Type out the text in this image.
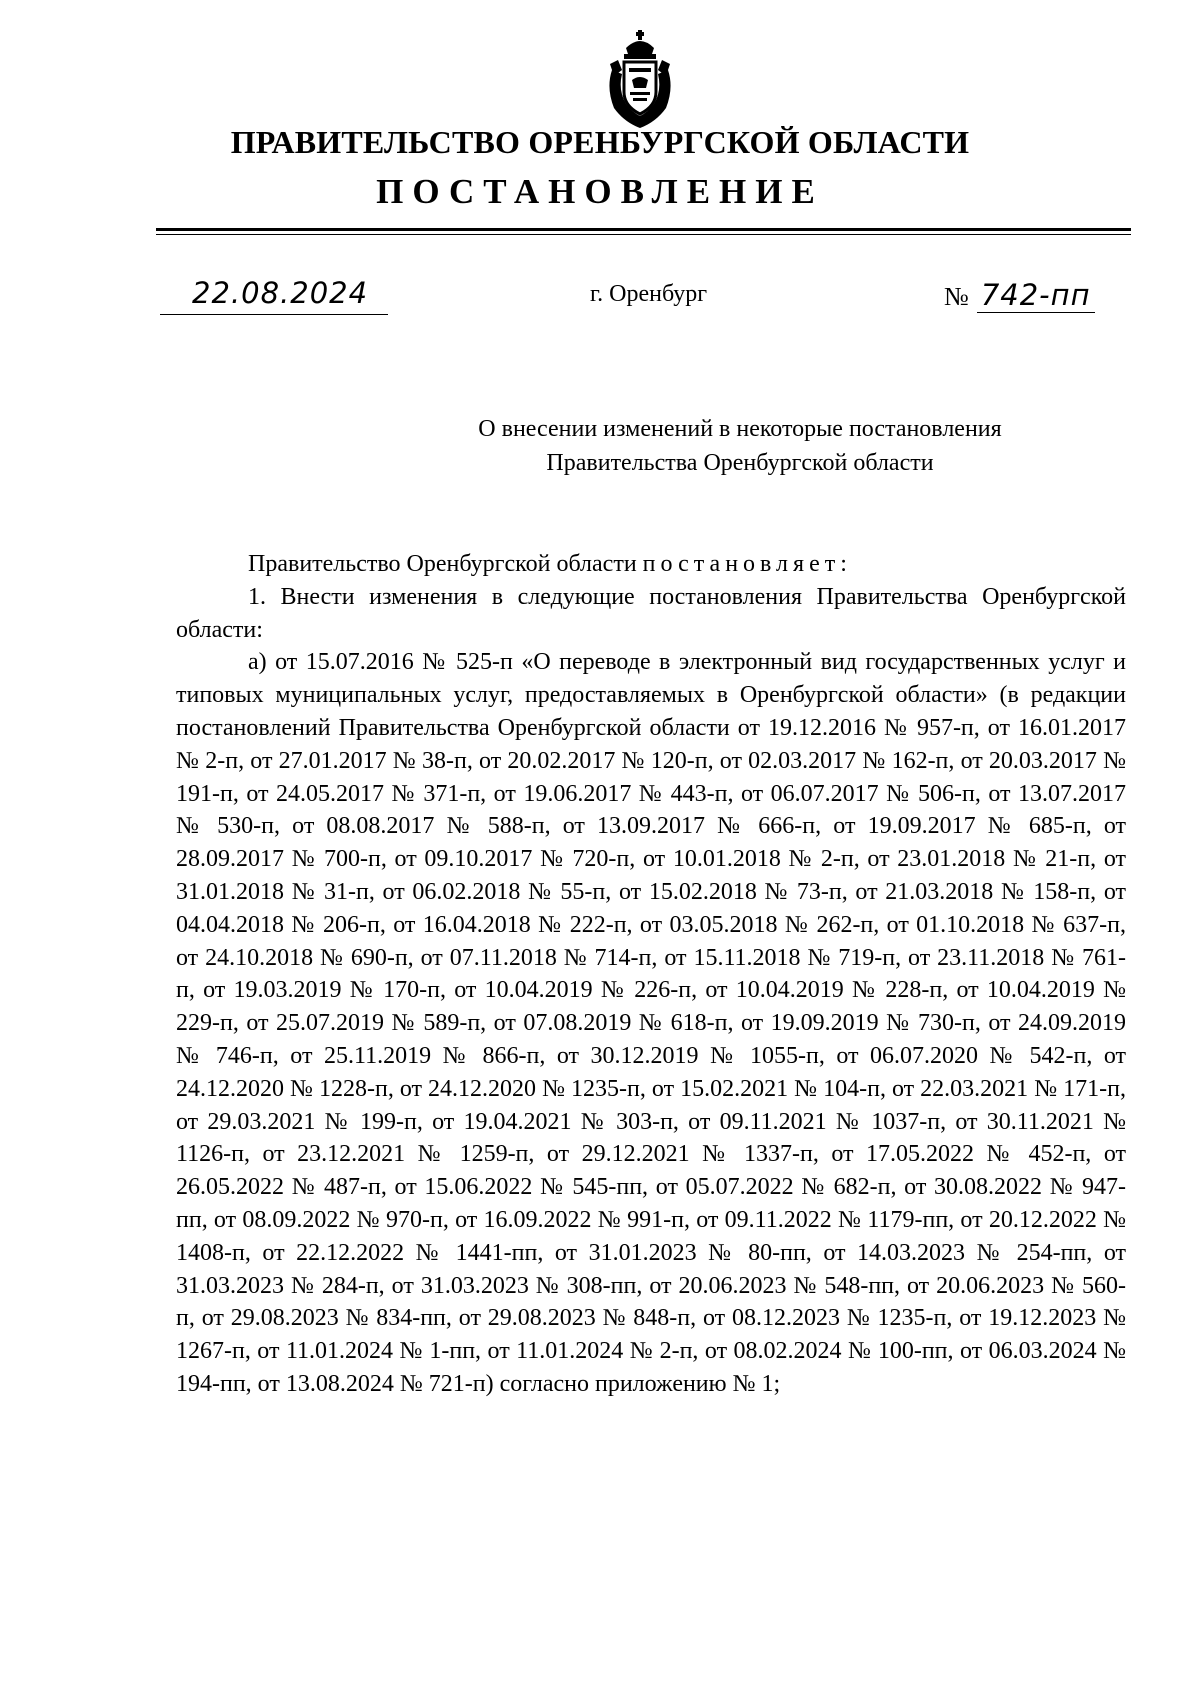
ПРАВИТЕЛЬСТВО ОРЕНБУРГСКОЙ ОБЛАСТИ
ПОСТАНОВЛЕНИЕ
22.08.2024	г. Оренбург	№ 742-пп
О внесении изменений в некоторые постановления
Правительства Оренбургской области

Правительство Оренбургской области постановляет:

1. Внести изменения в следующие постановления Правительства Оренбургской области:

а) от 15.07.2016 № 525-п «О переводе в электронный вид государственных услуг и типовых муниципальных услуг, предоставляемых в Оренбургской области» (в редакции постановлений Правительства Оренбургской области от 19.12.2016 № 957-п, от 16.01.2017 № 2-п, от 27.01.2017 № 38-п, от 20.02.2017 № 120-п, от 02.03.2017 № 162-п, от 20.03.2017 № 191-п, от 24.05.2017 № 371-п, от 19.06.2017 № 443-п, от 06.07.2017 № 506-п, от 13.07.2017 № 530-п, от 08.08.2017 № 588-п, от 13.09.2017 № 666-п, от 19.09.2017 № 685-п, от 28.09.2017 № 700-п, от 09.10.2017 № 720-п, от 10.01.2018 № 2-п, от 23.01.2018 № 21-п, от 31.01.2018 № 31-п, от 06.02.2018 № 55-п, от 15.02.2018 № 73-п, от 21.03.2018 № 158-п, от 04.04.2018 № 206-п, от 16.04.2018 № 222-п, от 03.05.2018 № 262-п, от 01.10.2018 № 637-п, от 24.10.2018 № 690-п, от 07.11.2018 № 714-п, от 15.11.2018 № 719-п, от 23.11.2018 № 761-п, от 19.03.2019 № 170-п, от 10.04.2019 № 226-п, от 10.04.2019 № 228-п, от 10.04.2019 № 229-п, от 25.07.2019 № 589-п, от 07.08.2019 № 618-п, от 19.09.2019 № 730-п, от 24.09.2019 № 746-п, от 25.11.2019 № 866-п, от 30.12.2019 № 1055-п, от 06.07.2020 № 542-п, от 24.12.2020 № 1228-п, от 24.12.2020 № 1235-п, от 15.02.2021 № 104-п, от 22.03.2021 № 171-п, от 29.03.2021 № 199-п, от 19.04.2021 № 303-п, от 09.11.2021 № 1037-п, от 30.11.2021 № 1126-п, от 23.12.2021 № 1259-п, от 29.12.2021 № 1337-п, от 17.05.2022 № 452-п, от 26.05.2022 № 487-п, от 15.06.2022 № 545-пп, от 05.07.2022 № 682-п, от 30.08.2022 № 947-пп, от 08.09.2022 № 970-п, от 16.09.2022 № 991-п, от 09.11.2022 № 1179-пп, от 20.12.2022 № 1408-п, от 22.12.2022 № 1441-пп, от 31.01.2023 № 80-пп, от 14.03.2023 № 254-пп, от 31.03.2023 № 284-п, от 31.03.2023 № 308-пп, от 20.06.2023 № 548-пп, от 20.06.2023 № 560-п, от 29.08.2023 № 834-пп, от 29.08.2023 № 848-п, от 08.12.2023 № 1235-п, от 19.12.2023 № 1267-п, от 11.01.2024 № 1-пп, от 11.01.2024 № 2-п, от 08.02.2024 № 100-пп, от 06.03.2024 № 194-пп, от 13.08.2024 № 721-п) согласно приложению № 1;
